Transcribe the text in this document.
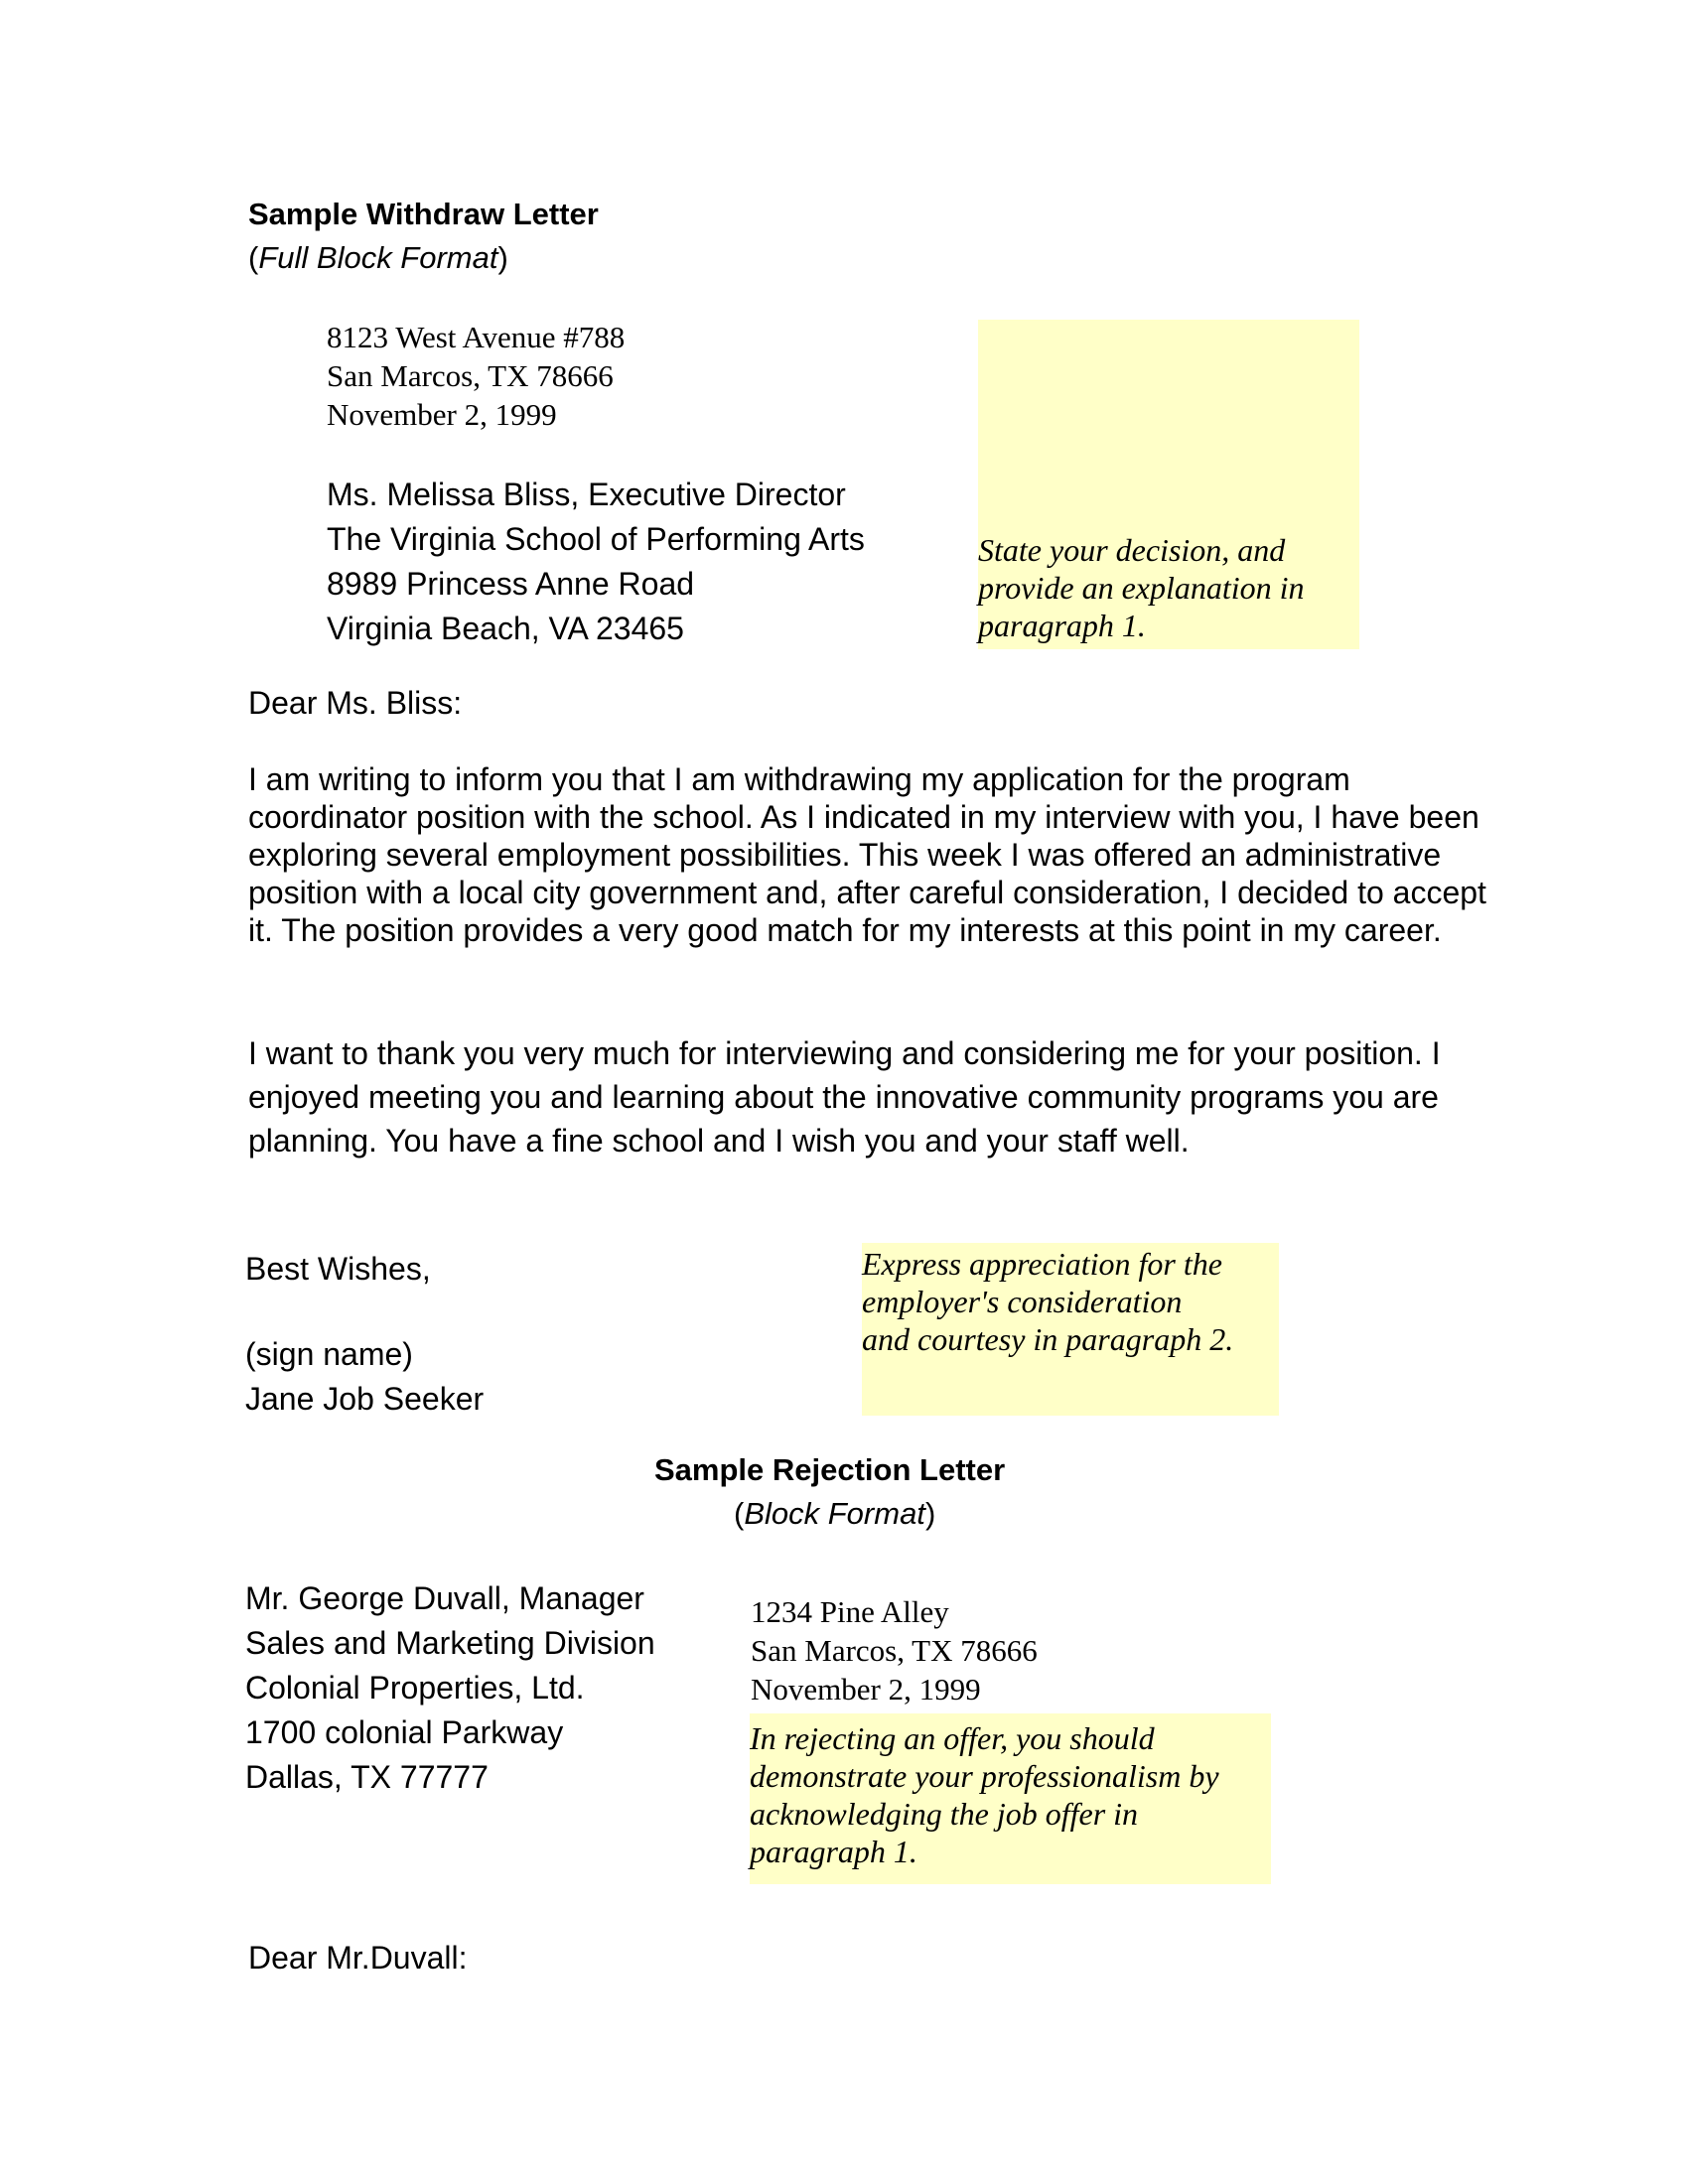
Sample Withdraw Letter
(Full Block Format)
8123 West Avenue #788
San Marcos, TX 78666
November 2, 1999
Ms. Melissa Bliss, Executive Director
The Virginia School of Performing Arts
8989 Princess Anne Road
Virginia Beach, VA 23465
State your decision, and
provide an explanation in
paragraph 1.
Dear Ms. Bliss:
I am writing to inform you that I am withdrawing my application for the program coordinator position with the school. As I indicated in my interview with you, I have been exploring several employment possibilities. This week I was offered an administrative position with a local city government and, after careful consideration, I decided to accept it. The position provides a very good match for my interests at this point in my career.
I want to thank you very much for interviewing and considering me for your position. I enjoyed meeting you and learning about the innovative community programs you are planning. You have a fine school and I wish you and your staff well.
Best Wishes,
(sign name)
Jane Job Seeker
Express appreciation for the
employer's consideration
and courtesy in paragraph 2.
Sample Rejection Letter
(Block Format)
Mr. George Duvall, Manager
Sales and Marketing Division
Colonial Properties, Ltd.
1700 colonial Parkway
Dallas, TX 77777
1234 Pine Alley
San Marcos, TX 78666
November 2, 1999
In rejecting an offer, you should
demonstrate your professionalism by
acknowledging the job offer in
paragraph 1.
Dear Mr.Duvall:
